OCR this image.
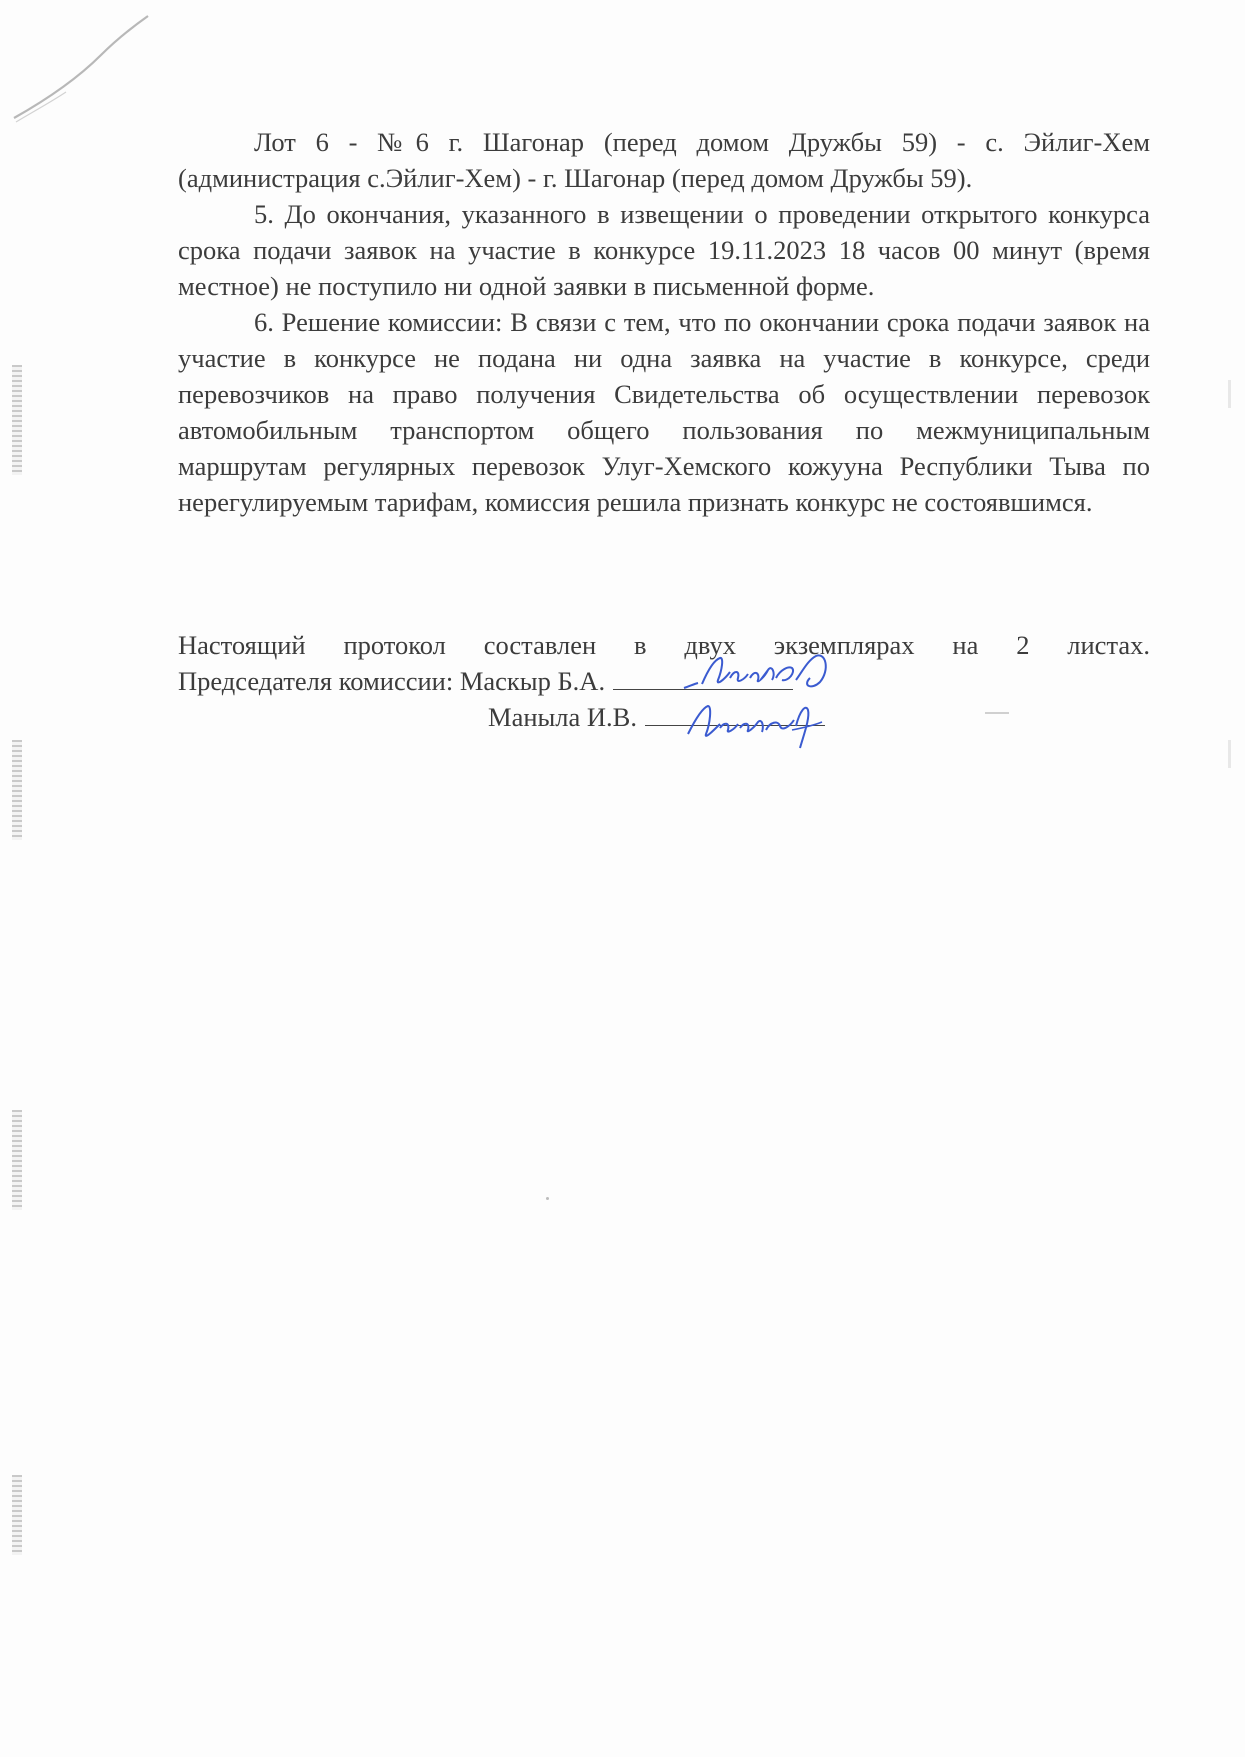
Лот 6 - №6 г. Шагонар (перед домом Дружбы 59) - с. Эйлиг-Хем (администрация с.Эйлиг-Хем) - г. Шагонар (перед домом Дружбы 59).

5. До окончания, указанного в извещении о проведении открытого конкурса срока подачи заявок на участие в конкурсе 19.11.2023 18 часов 00 минут (время местное) не поступило ни одной заявки в письменной форме.

6. Решение комиссии: В связи с тем, что по окончании срока подачи заявок на участие в конкурсе не подана ни одна заявка на участие в конкурсе, среди перевозчиков на право получения Свидетельства об осуществлении перевозок автомобильным транспортом общего пользования по межмуниципальным маршрутам регулярных перевозок Улуг-Хемского кожууна Республики Тыва по нерегулируемым тарифам, комиссия решила признать конкурс не состоявшимся.

Настоящий протокол составлен в двух экземплярах на 2 листах.

Председателя комиссии: Маскыр Б.А.
Маныла И.В.
